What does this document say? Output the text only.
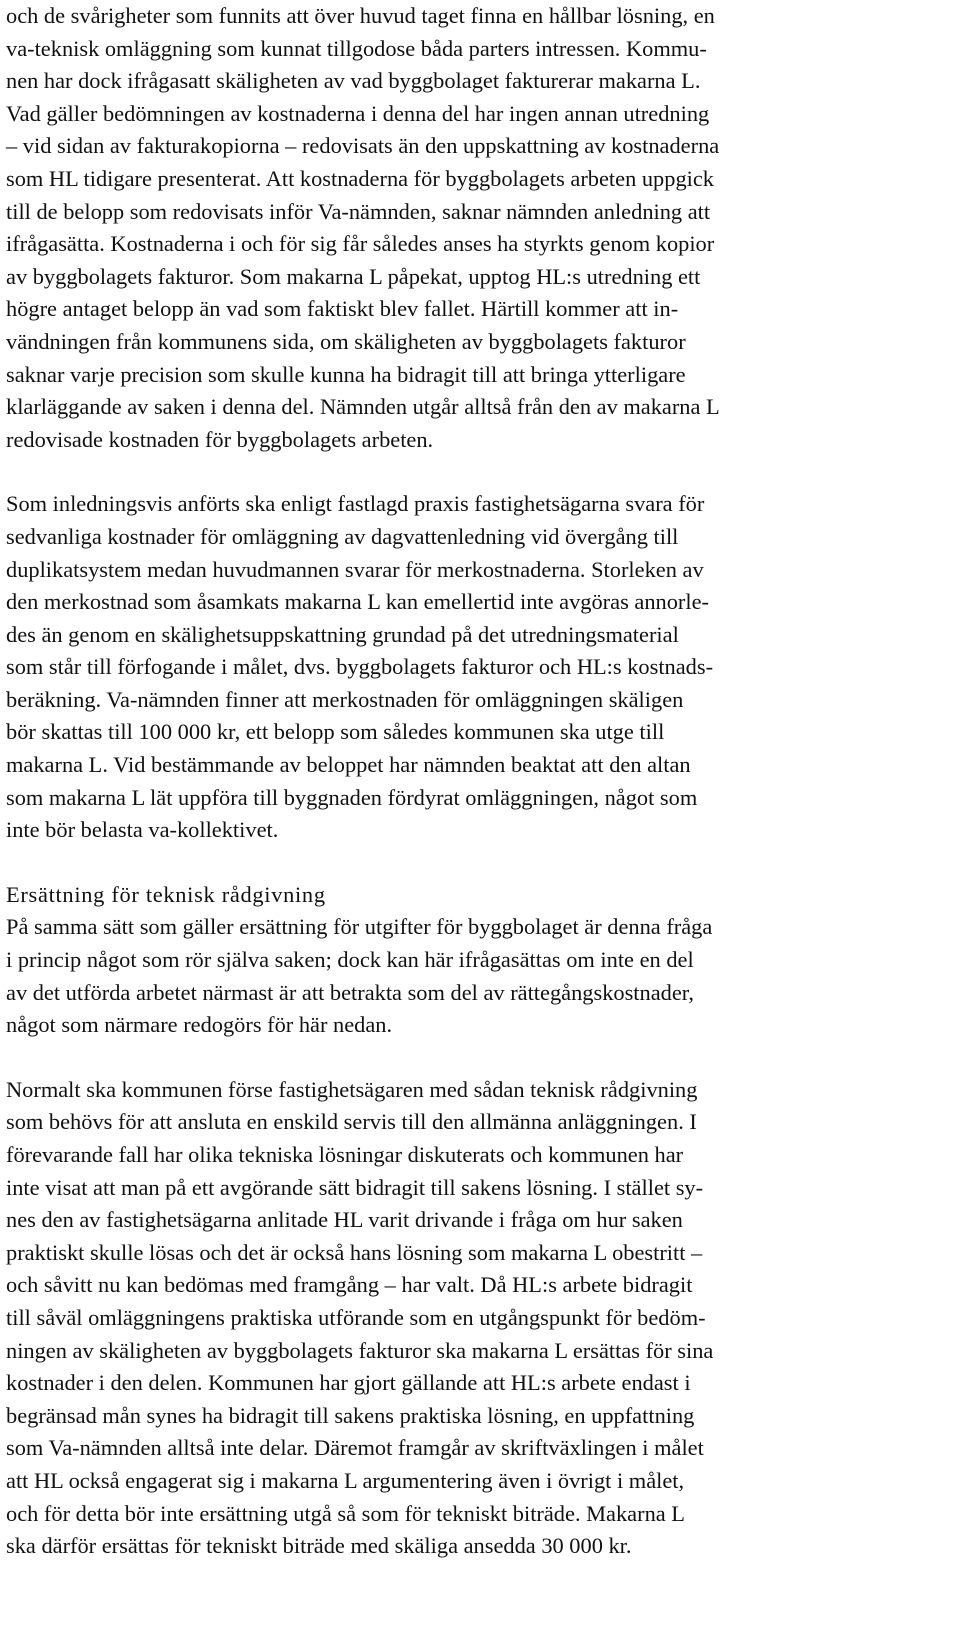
och de svårigheter som funnits att över huvud taget finna en hållbar lösning, en
va-teknisk omläggning som kunnat tillgodose båda parters intressen. Kommu-
nen har dock ifrågasatt skäligheten av vad byggbolaget fakturerar makarna L.
Vad gäller bedömningen av kostnaderna i denna del har ingen annan utredning
– vid sidan av fakturakopiorna – redovisats än den uppskattning av kostnaderna
som HL tidigare presenterat. Att kostnaderna för byggbolagets arbeten uppgick
till de belopp som redovisats inför Va-nämnden, saknar nämnden anledning att
ifrågasätta. Kostnaderna i och för sig får således anses ha styrkts genom kopior
av byggbolagets fakturor. Som makarna L påpekat, upptog HL:s utredning ett
högre antaget belopp än vad som faktiskt blev fallet. Härtill kommer att in-
vändningen från kommunens sida, om skäligheten av byggbolagets fakturor
saknar varje precision som skulle kunna ha bidragit till att bringa ytterligare
klarläggande av saken i denna del. Nämnden utgår alltså från den av makarna L
redovisade kostnaden för byggbolagets arbeten.
Som inledningsvis anförts ska enligt fastlagd praxis fastighetsägarna svara för
sedvanliga kostnader för omläggning av dagvattenledning vid övergång till
duplikatsystem medan huvudmannen svarar för merkostnaderna. Storleken av
den merkostnad som åsamkats makarna L kan emellertid inte avgöras annorle-
des än genom en skälighetsuppskattning grundad på det utredningsmaterial
som står till förfogande i målet, dvs. byggbolagets fakturor och HL:s kostnads-
beräkning. Va-nämnden finner att merkostnaden för omläggningen skäligen
bör skattas till 100 000 kr, ett belopp som således kommunen ska utge till
makarna L. Vid bestämmande av beloppet har nämnden beaktat att den altan
som makarna L lät uppföra till byggnaden fördyrat omläggningen, något som
inte bör belasta va-kollektivet.
Ersättning för teknisk rådgivning
På samma sätt som gäller ersättning för utgifter för byggbolaget är denna fråga
i princip något som rör själva saken; dock kan här ifrågasättas om inte en del
av det utförda arbetet närmast är att betrakta som del av rättegångskostnader,
något som närmare redogörs för här nedan.
Normalt ska kommunen förse fastighetsägaren med sådan teknisk rådgivning
som behövs för att ansluta en enskild servis till den allmänna anläggningen. I
förevarande fall har olika tekniska lösningar diskuterats och kommunen har
inte visat att man på ett avgörande sätt bidragit till sakens lösning. I stället sy-
nes den av fastighetsägarna anlitade HL varit drivande i fråga om hur saken
praktiskt skulle lösas och det är också hans lösning som makarna L obestritt –
och såvitt nu kan bedömas med framgång – har valt. Då HL:s arbete bidragit
till såväl omläggningens praktiska utförande som en utgångspunkt för bedöm-
ningen av skäligheten av byggbolagets fakturor ska makarna L ersättas för sina
kostnader i den delen. Kommunen har gjort gällande att HL:s arbete endast i
begränsad mån synes ha bidragit till sakens praktiska lösning, en uppfattning
som Va-nämnden alltså inte delar. Däremot framgår av skriftväxlingen i målet
att HL också engagerat sig i makarna L argumentering även i övrigt i målet,
och för detta bör inte ersättning utgå så som för tekniskt biträde. Makarna L
ska därför ersättas för tekniskt biträde med skäliga ansedda 30 000 kr.
